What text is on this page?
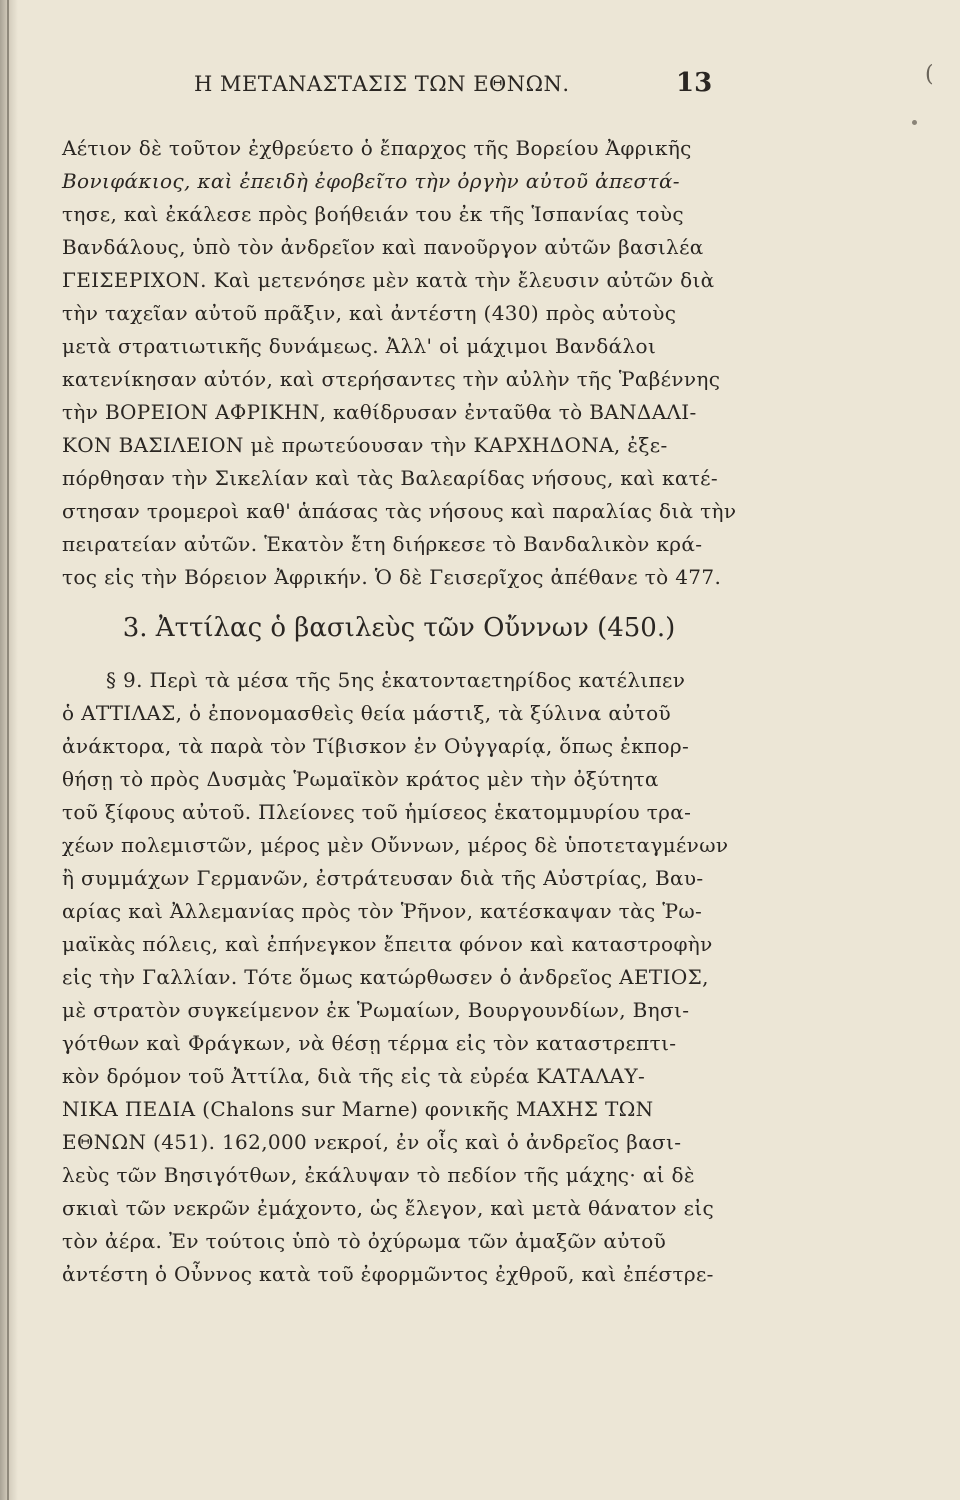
(
Η ΜΕΤΑΝΑΣΤΑΣΙΣ ΤΩΝ ΕΘΝΩΝ.	13
Αέτιον δὲ τοῦτον ἐχθρεύετο ὁ ἔπαρχος τῆς Βορείου Ἀφρικῆς
Βονιφάκιος, καὶ ἐπειδὴ ἐφοβεῖτο τὴν ὀργὴν αὐτοῦ ἀπεστά-
τησε, καὶ ἐκάλεσε πρὸς βοήθειάν του ἐκ τῆς Ἱσπανίας τοὺς
Βανδάλους, ὑπὸ τὸν ἀνδρεῖον καὶ πανοῦργον αὐτῶν βασιλέα
ΓΕΙΣΕΡΙΧΟΝ. Καὶ μετενόησε μὲν κατὰ τὴν ἔλευσιν αὐτῶν διὰ
τὴν ταχεῖαν αὐτοῦ πρᾶξιν, καὶ ἀντέστη (430) πρὸς αὐτοὺς
μετὰ στρατιωτικῆς δυνάμεως. Ἀλλ' οἱ μάχιμοι Βανδάλοι
κατενίκησαν αὐτόν, καὶ στερήσαντες τὴν αὐλὴν τῆς Ῥαβέννης
τὴν ΒΟΡΕΙΟΝ ΑΦΡΙΚΗΝ, καθίδρυσαν ἐνταῦθα τὸ ΒΑΝΔΑΛΙ-
ΚΟΝ ΒΑΣΙΛΕΙΟΝ μὲ πρωτεύουσαν τὴν ΚΑΡΧΗΔΟΝΑ, ἐξε-
πόρθησαν τὴν Σικελίαν καὶ τὰς Βαλεαρίδας νήσους, καὶ κατέ-
στησαν τρομεροὶ καθ' ἁπάσας τὰς νήσους καὶ παραλίας διὰ τὴν
πειρατείαν αὐτῶν. Ἑκατὸν ἔτη διήρκεσε τὸ Βανδαλικὸν κρά-
τος εἰς τὴν Βόρειον Ἀφρικήν. Ὁ δὲ Γεισερῖχος ἀπέθανε τὸ 477.
3. Ἀττίλας ὁ βασιλεὺς τῶν Οὔννων (450.)
§ 9. Περὶ τὰ μέσα τῆς 5ης ἑκατονταετηρίδος κατέλιπεν
ὁ ΑΤΤΙΛΑΣ, ὁ ἐπονομασθεὶς θεία μάστιξ, τὰ ξύλινα αὐτοῦ
ἀνάκτορα, τὰ παρὰ τὸν Τίβισκον ἐν Οὐγγαρίᾳ, ὅπως ἐκπορ-
θήσῃ τὸ πρὸς Δυσμὰς Ῥωμαϊκὸν κράτος μὲν τὴν ὀξύτητα
τοῦ ξίφους αὐτοῦ. Πλείονες τοῦ ἡμίσεος ἑκατομμυρίου τρα-
χέων πολεμιστῶν, μέρος μὲν Οὔννων, μέρος δὲ ὑποτεταγμένων
ἢ συμμάχων Γερμανῶν, ἐστράτευσαν διὰ τῆς Αὐστρίας, Βαυ-
αρίας καὶ Ἀλλεμανίας πρὸς τὸν Ῥῆνον, κατέσκαψαν τὰς Ῥω-
μαϊκὰς πόλεις, καὶ ἐπήνεγκον ἔπειτα φόνον καὶ καταστροφὴν
εἰς τὴν Γαλλίαν. Τότε ὅμως κατώρθωσεν ὁ ἀνδρεῖος ΑΕΤΙΟΣ,
μὲ στρατὸν συγκείμενον ἐκ Ῥωμαίων, Βουργουνδίων, Βησι-
γότθων καὶ Φράγκων, νὰ θέσῃ τέρμα εἰς τὸν καταστρεπτι-
κὸν δρόμον τοῦ Ἀττίλα, διὰ τῆς εἰς τὰ εὐρέα ΚΑΤΑΛΑΥ-
ΝΙΚΑ ΠΕΔΙΑ (Chalons sur Marne) φονικῆς ΜΑΧΗΣ ΤΩΝ
ΕΘΝΩΝ (451). 162,000 νεκροί, ἐν οἷς καὶ ὁ ἀνδρεῖος βασι-
λεὺς τῶν Βησιγότθων, ἐκάλυψαν τὸ πεδίον τῆς μάχης· αἱ δὲ
σκιαὶ τῶν νεκρῶν ἐμάχοντο, ὡς ἔλεγον, καὶ μετὰ θάνατον εἰς
τὸν ἀέρα. Ἐν τούτοις ὑπὸ τὸ ὀχύρωμα τῶν ἁμαξῶν αὐτοῦ
ἀντέστη ὁ Οὖννος κατὰ τοῦ ἐφορμῶντος ἐχθροῦ, καὶ ἐπέστρε-
